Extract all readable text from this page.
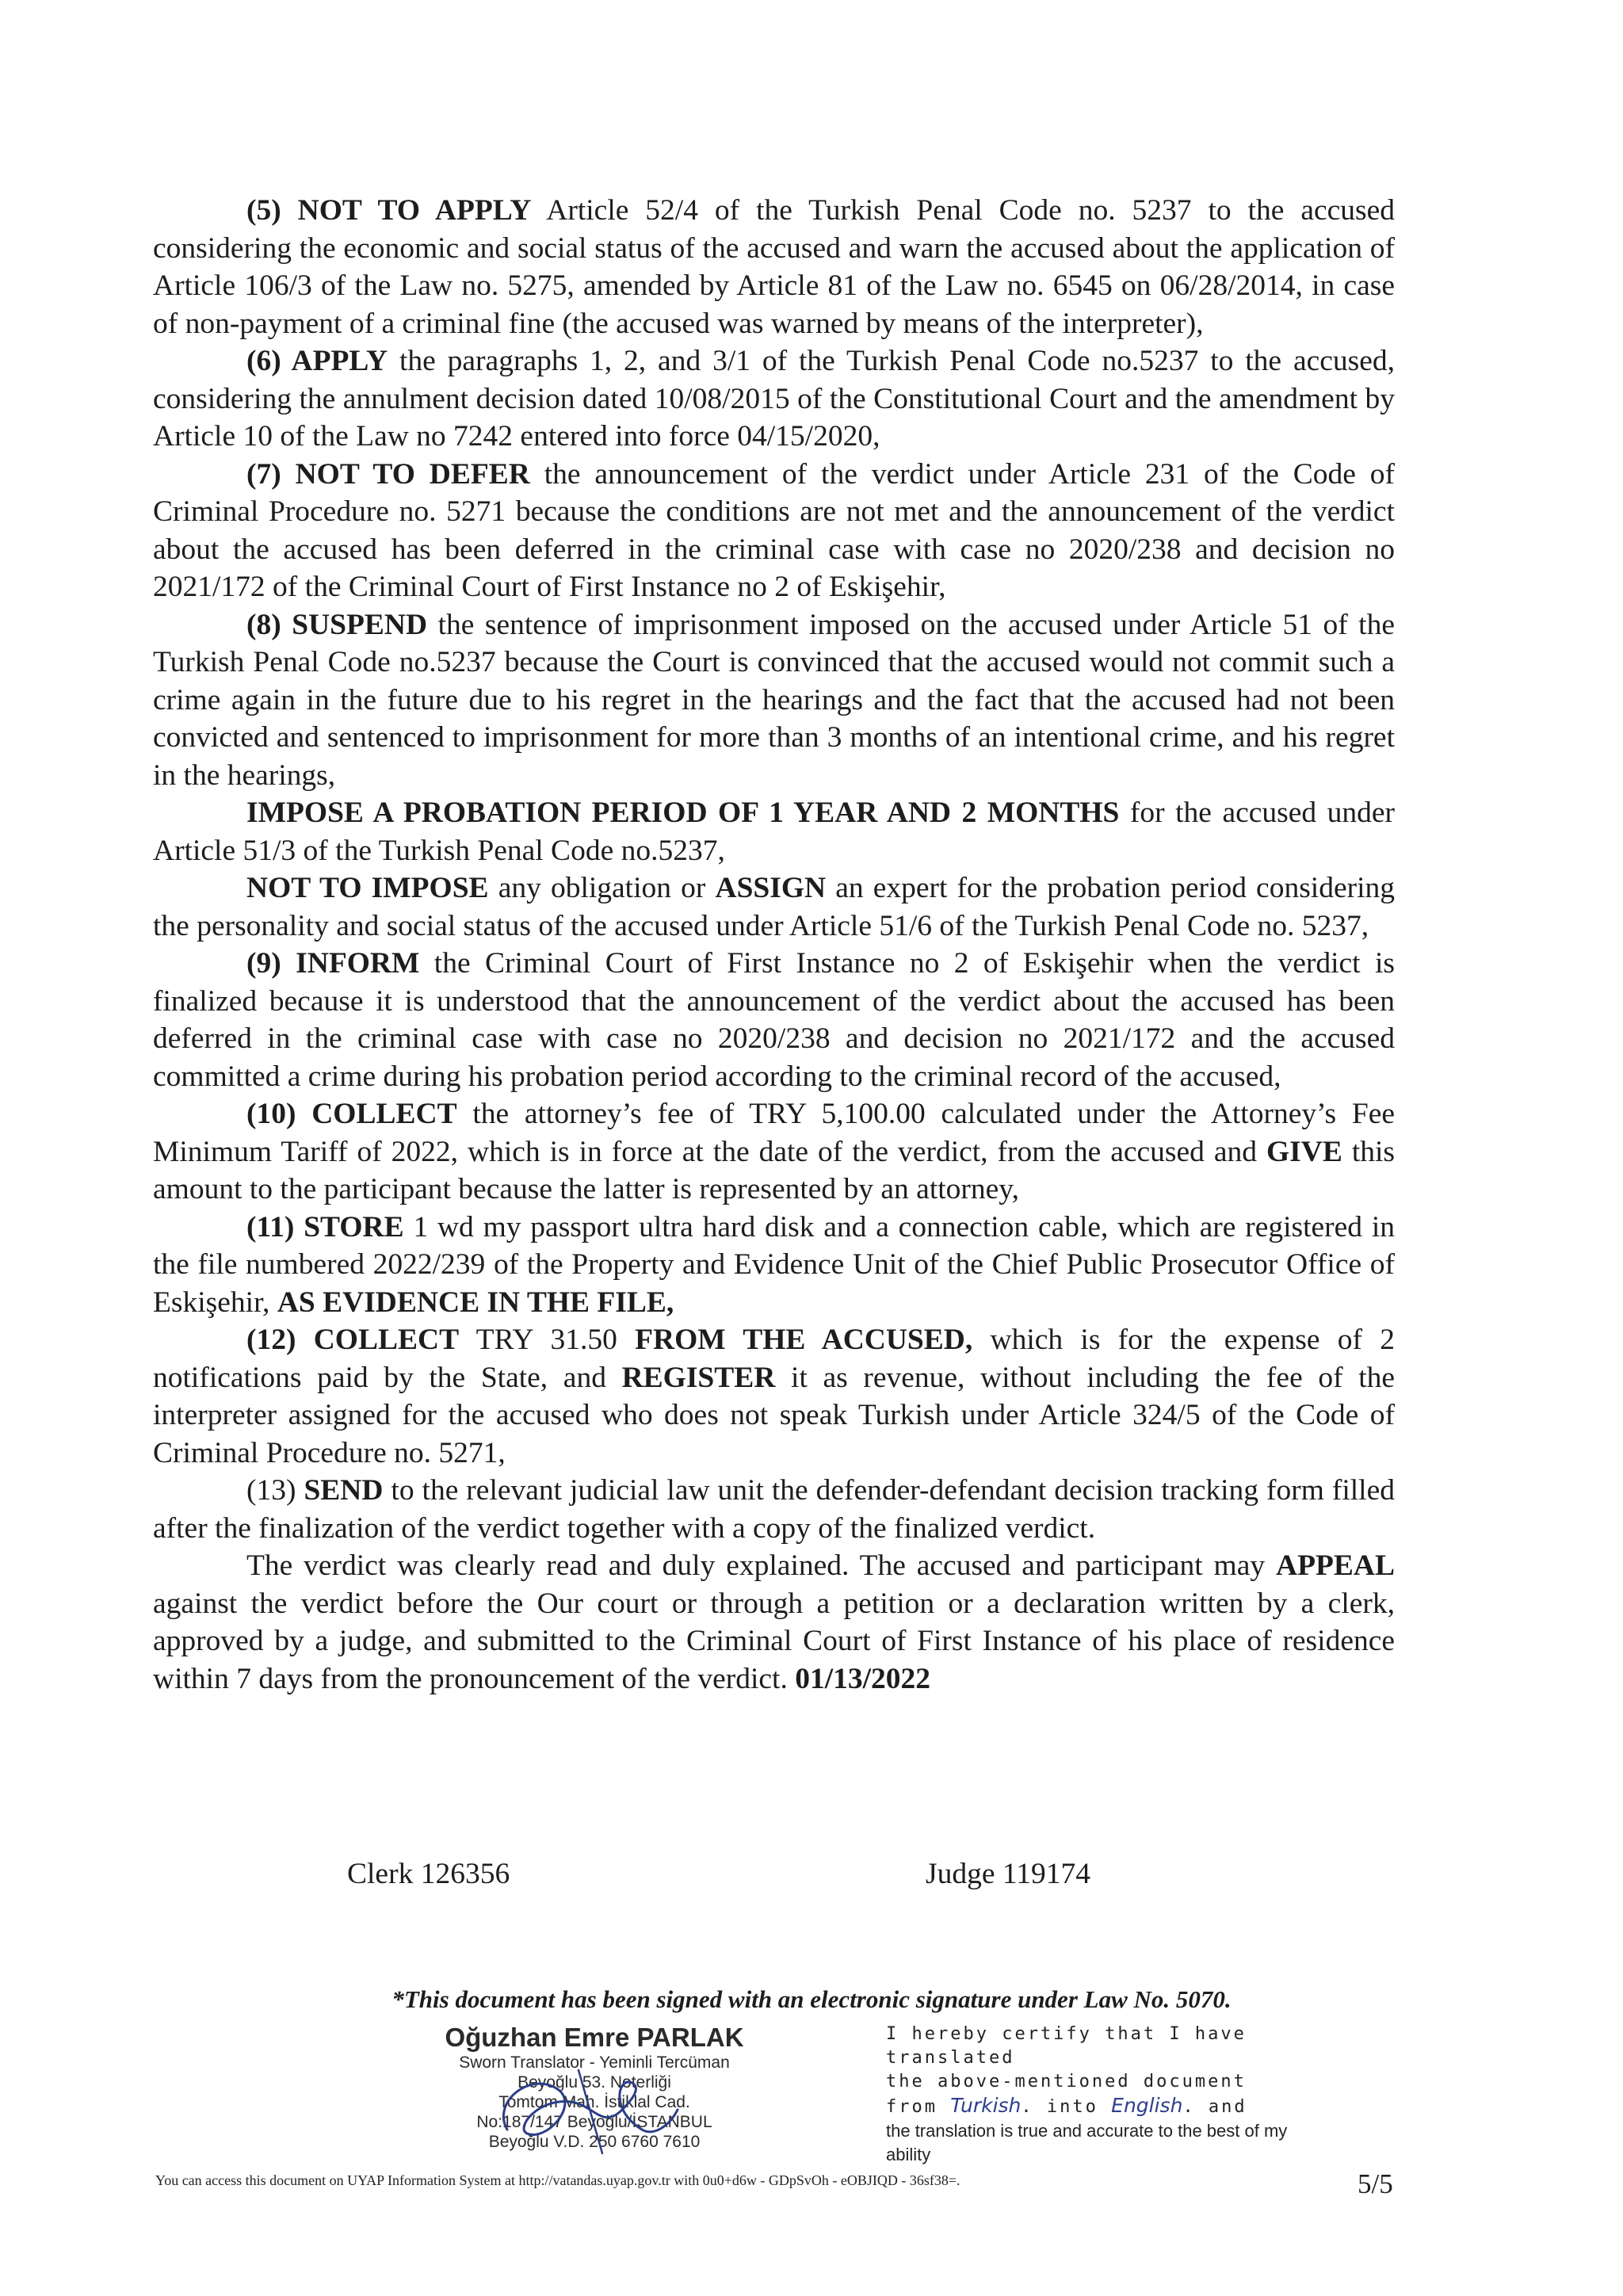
(5) NOT TO APPLY Article 52/4 of the Turkish Penal Code no. 5237 to the accused considering the economic and social status of the accused and warn the accused about the application of Article 106/3 of the Law no. 5275, amended by Article 81 of the Law no. 6545 on 06/28/2014, in case of non-payment of a criminal fine (the accused was warned by means of the interpreter),

(6) APPLY the paragraphs 1, 2, and 3/1 of the Turkish Penal Code no.5237 to the accused, considering the annulment decision dated 10/08/2015 of the Constitutional Court and the amendment by Article 10 of the Law no 7242 entered into force 04/15/2020,

(7) NOT TO DEFER the announcement of the verdict under Article 231 of the Code of Criminal Procedure no. 5271 because the conditions are not met and the announcement of the verdict about the accused has been deferred in the criminal case with case no 2020/238 and decision no 2021/172 of the Criminal Court of First Instance no 2 of Eskişehir,

(8) SUSPEND the sentence of imprisonment imposed on the accused under Article 51 of the Turkish Penal Code no.5237 because the Court is convinced that the accused would not commit such a crime again in the future due to his regret in the hearings and the fact that the accused had not been convicted and sentenced to imprisonment for more than 3 months of an intentional crime, and his regret in the hearings,

IMPOSE A PROBATION PERIOD OF 1 YEAR AND 2 MONTHS for the accused under Article 51/3 of the Turkish Penal Code no.5237,

NOT TO IMPOSE any obligation or ASSIGN an expert for the probation period considering the personality and social status of the accused under Article 51/6 of the Turkish Penal Code no. 5237,

(9) INFORM the Criminal Court of First Instance no 2 of Eskişehir when the verdict is finalized because it is understood that the announcement of the verdict about the accused has been deferred in the criminal case with case no 2020/238 and decision no 2021/172 and the accused committed a crime during his probation period according to the criminal record of the accused,

(10) COLLECT the attorney’s fee of TRY 5,100.00 calculated under the Attorney’s Fee Minimum Tariff of 2022, which is in force at the date of the verdict, from the accused and GIVE this amount to the participant because the latter is represented by an attorney,

(11) STORE 1 wd my passport ultra hard disk and a connection cable, which are registered in the file numbered 2022/239 of the Property and Evidence Unit of the Chief Public Prosecutor Office of Eskişehir, AS EVIDENCE IN THE FILE,

(12) COLLECT TRY 31.50 FROM THE ACCUSED, which is for the expense of 2 notifications paid by the State, and REGISTER it as revenue, without including the fee of the interpreter assigned for the accused who does not speak Turkish under Article 324/5 of the Code of Criminal Procedure no. 5271,

(13) SEND to the relevant judicial law unit the defender-defendant decision tracking form filled after the finalization of the verdict together with a copy of the finalized verdict.

The verdict was clearly read and duly explained. The accused and participant may APPEAL against the verdict before the Our court or through a petition or a declaration written by a clerk, approved by a judge, and submitted to the Criminal Court of First Instance of his place of residence within 7 days from the pronouncement of the verdict. 01/13/2022

Clerk 126356	Judge 119174
*This document has been signed with an electronic signature under Law No. 5070.
Oğuzhan Emre PARLAK
Sworn Translator - Yeminli Tercüman
Beyoğlu 53. Noterliği
Tomtom Mah. İstiklal Cad.
No:187/147 Beyoğlu/İSTANBUL
Beyoğlu V.D. 250 6760 7610
I hereby certify that I have translated
the above-mentioned document
from Turkish. into English. and
the translation is true and accurate to the best of my ability
You can access this document on UYAP Information System at http://vatandas.uyap.gov.tr with 0u0+d6w - GDpSvOh - eOBJIQD - 36sf38=.	5/5
